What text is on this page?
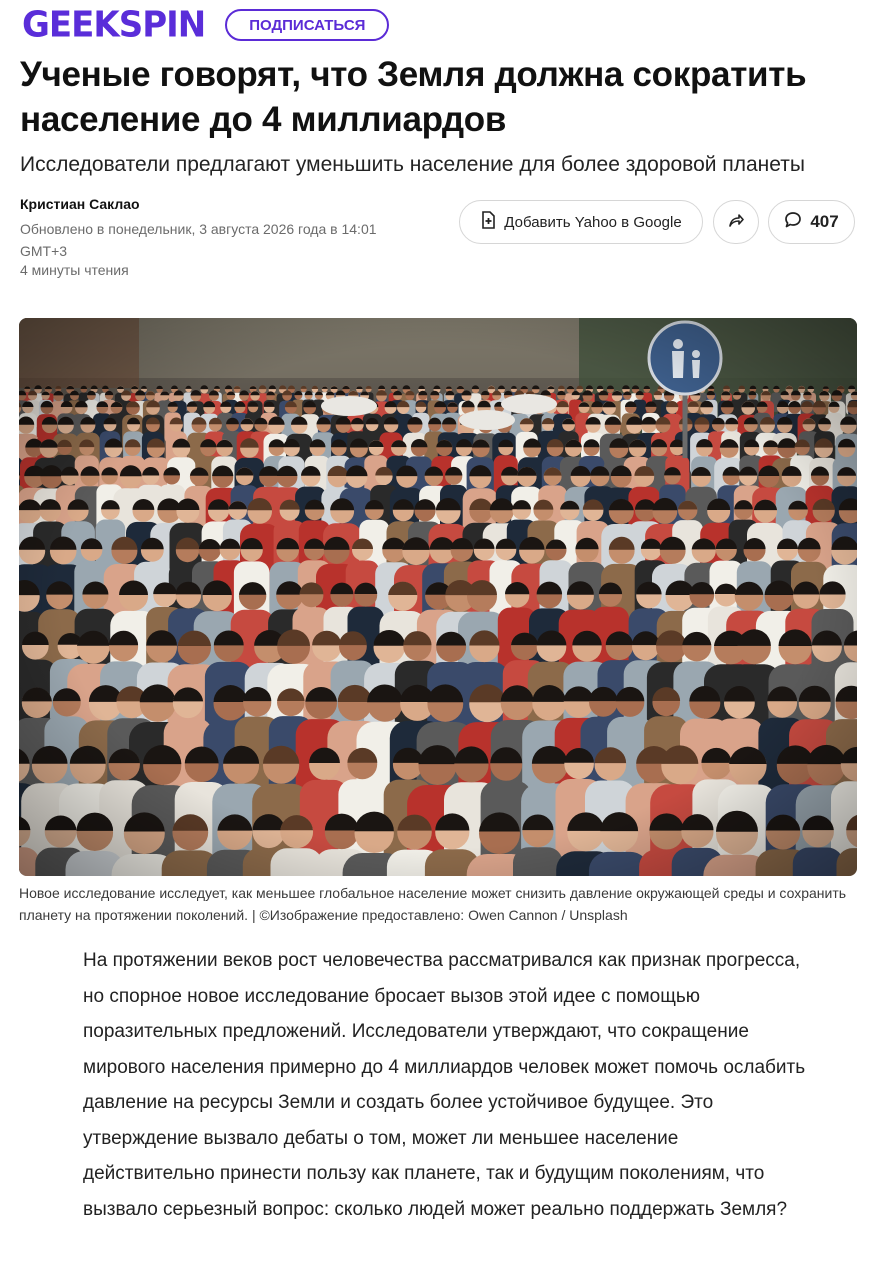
GEEKSPIN	ПОДПИСАТЬСЯ
Ученые говорят, что Земля должна сократить население до 4 миллиардов

Исследователи предлагают уменьшить население для более здоровой планеты

Кристиан Саклао
Обновлено в понедельник, 3 августа 2026 года в 14:01 GMT+3
4 минуты чтения
Добавить Yahoo в Google	407

Новое исследование исследует, как меньшее глобальное население может снизить давление окружающей среды и сохранить планету на протяжении поколений. | ©Изображение предоставлено: Owen Cannon / Unsplash

На протяжении веков рост человечества рассматривался как признак прогресса, но спорное новое исследование бросает вызов этой идее с помощью поразительных предложений. Исследователи утверждают, что сокращение мирового населения примерно до 4 миллиардов человек может помочь ослабить давление на ресурсы Земли и создать более устойчивое будущее. Это утверждение вызвало дебаты о том, может ли меньшее население действительно принести пользу как планете, так и будущим поколениям, что вызвало серьезный вопрос: сколько людей может реально поддержать Земля?
